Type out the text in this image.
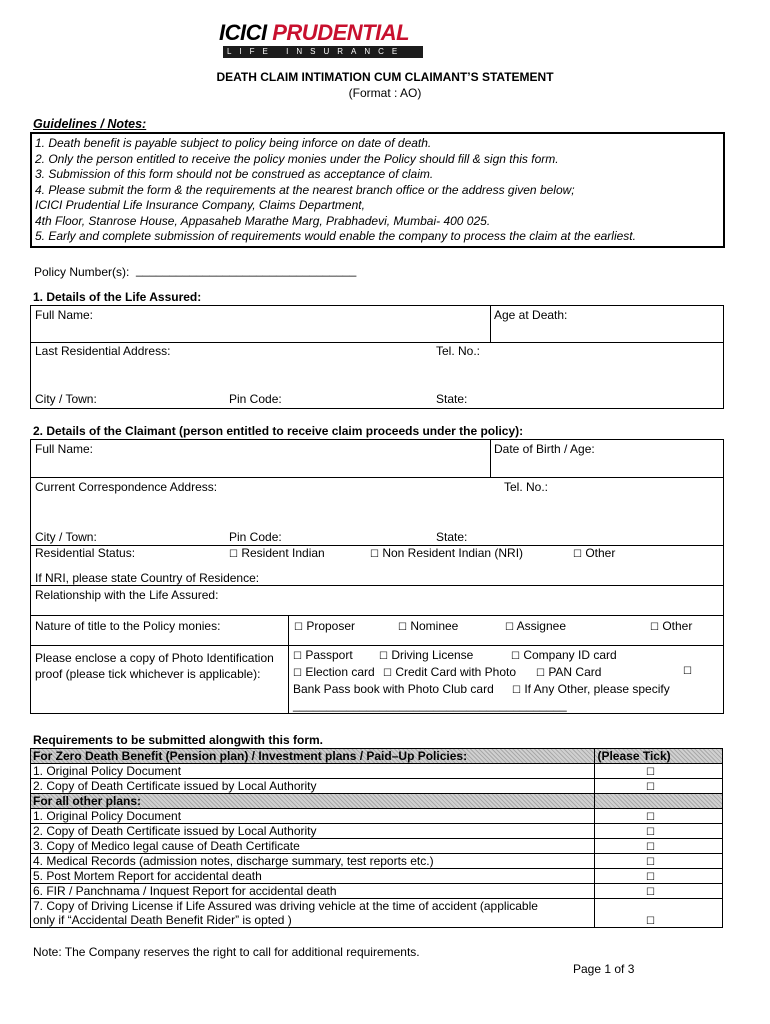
ICICI PRUDENTIAL
LIFE INSURANCE
DEATH CLAIM INTIMATION CUM CLAIMANT’S STATEMENT
(Format : AO)
Guidelines / Notes:
1. Death benefit is payable subject to policy being inforce on date of death.
2. Only the person entitled to receive the policy monies under the Policy should fill & sign this form.
3. Submission of this form should not be construed as acceptance of claim.
4. Please submit the form & the requirements at the nearest branch office or the address given below;
ICICI Prudential Life Insurance Company, Claims Department,
4th Floor, Stanrose House, Appasaheb Marathe Marg, Prabhadevi, Mumbai- 400 025.
5. Early and complete submission of requirements would enable the company to process the claim at the earliest.
Policy Number(s): _________________________________
1. Details of the Life Assured:
Full Name:	Age at Death:
Last Residential Address:	Tel. No.:
City / Town:	Pin Code:	State:
2. Details of the Claimant (person entitled to receive claim proceeds under the policy):
Full Name:	Date of Birth / Age:
Current Correspondence Address:	Tel. No.:
City / Town:	Pin Code:	State:
Residential Status:	☐ Resident Indian	☐ Non Resident Indian (NRI)	☐ Other
If NRI, please state Country of Residence:
Relationship with the Life Assured:
Nature of title to the Policy monies:	☐ Proposer	☐ Nominee	☐ Assignee	☐ Other
Please enclose a copy of Photo Identification
proof (please tick whichever is applicable):
☐ Passport	☐ Driving License	☐ Company ID card
☐ Election card ☐ Credit Card with Photo ☐ PAN Card	☐
Bank Pass book with Photo Club card ☐ If Any Other, please specify
_________________________________________
Requirements to be submitted alongwith this form.
For Zero Death Benefit (Pension plan) / Investment plans / Paid–Up Policies:	(Please Tick)
1. Original Policy Document	☐
2. Copy of Death Certificate issued by Local Authority	☐
For all other plans:	
1. Original Policy Document	☐
2. Copy of Death Certificate issued by Local Authority	☐
3. Copy of Medico legal cause of Death Certificate	☐
4. Medical Records (admission notes, discharge summary, test reports etc.)	☐
5. Post Mortem Report for accidental death	☐
6. FIR / Panchnama / Inquest Report for accidental death	☐
7. Copy of Driving License if Life Assured was driving vehicle at the time of accident (applicable
only if “Accidental Death Benefit Rider” is opted )	☐
Note: The Company reserves the right to call for additional requirements.
Page 1 of 3
